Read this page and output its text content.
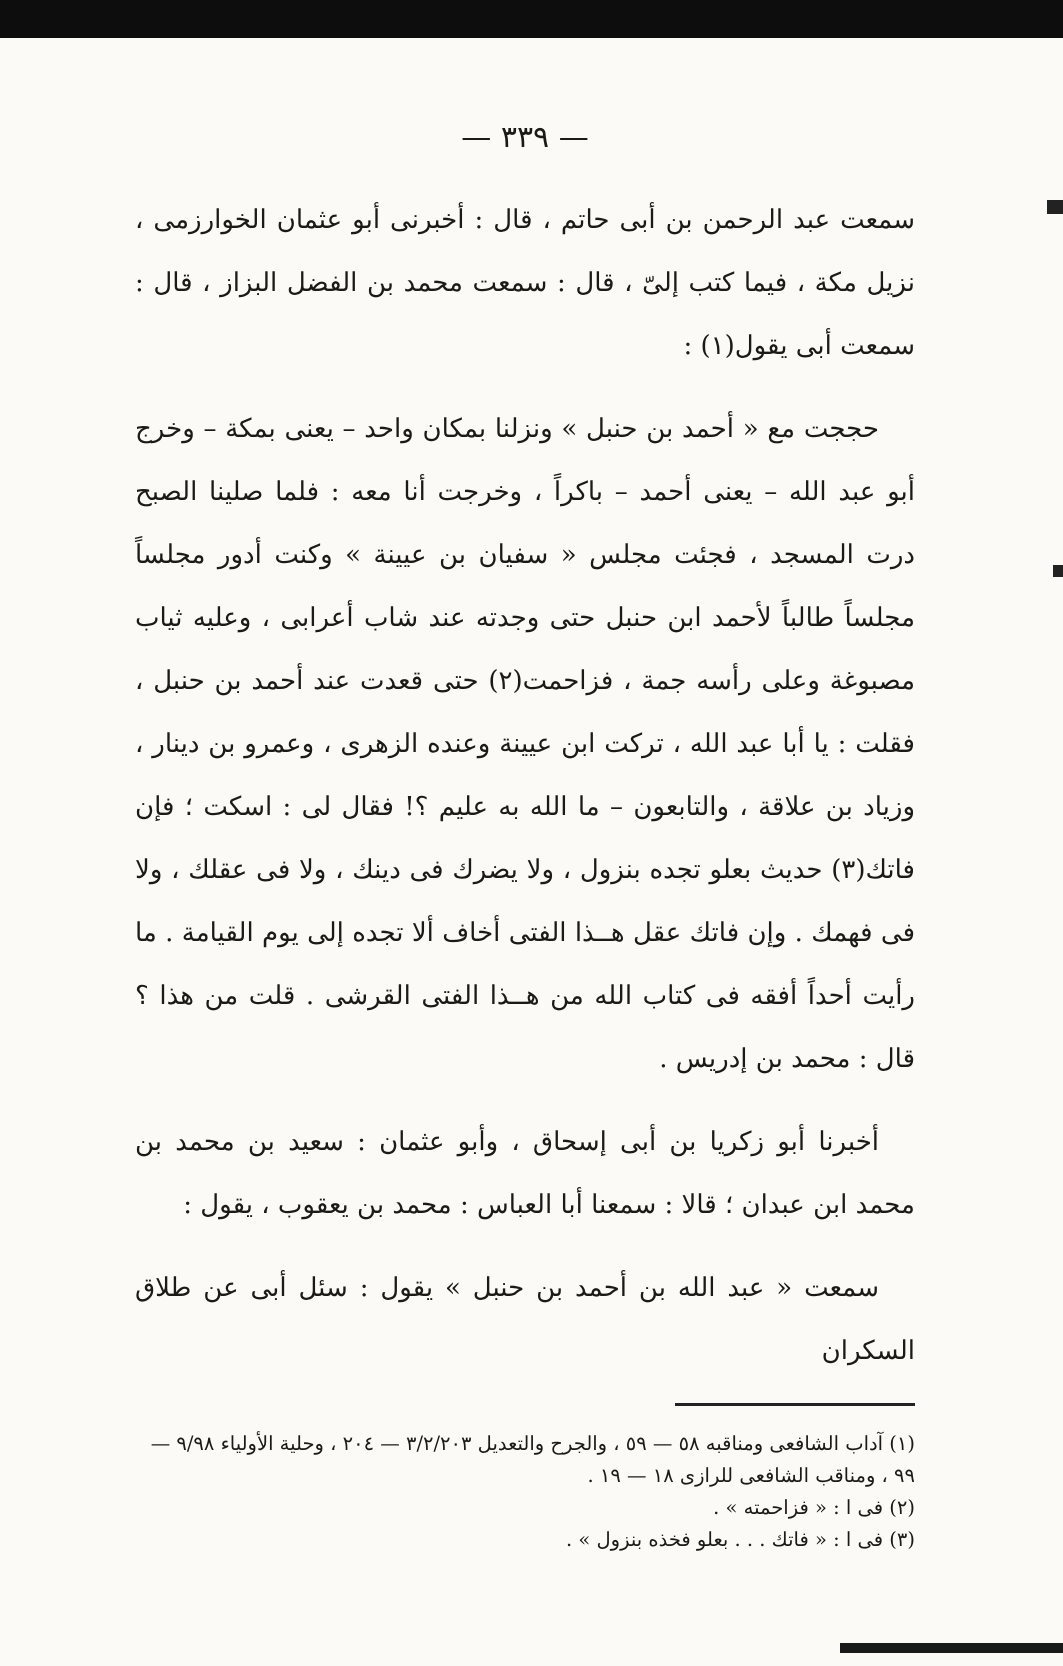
— ٣٣٩ —

سمعت عبد الرحمن بن أبى حاتم ، قال : أخبرنى أبو عثمان الخوارزمى ، نزيل مكة ، فيما كتب إلىّ ، قال : سمعت محمد بن الفضل البزاز ، قال : سمعت أبى يقول(١) :

حججت مع « أحمد بن حنبل » ونزلنا بمكان واحد – يعنى بمكة – وخرج أبو عبد الله – يعنى أحمد – باكراً ، وخرجت أنا معه : فلما صلينا الصبح درت المسجد ، فجئت مجلس « سفيان بن عيينة » وكنت أدور مجلساً مجلساً طالباً لأحمد ابن حنبل حتى وجدته عند شاب أعرابى ، وعليه ثياب مصبوغة وعلى رأسه جمة ، فزاحمت(٢) حتى قعدت عند أحمد بن حنبل ، فقلت : يا أبا عبد الله ، تركت ابن عيينة وعنده الزهرى ، وعمرو بن دينار ، وزياد بن علاقة ، والتابعون – ما الله به عليم ؟! فقال لى : اسكت ؛ فإن فاتك(٣) حديث بعلو تجده بنزول ، ولا يضرك فى دينك ، ولا فى عقلك ، ولا فى فهمك . وإن فاتك عقل هــذا الفتى أخاف ألا تجده إلى يوم القيامة . ما رأيت أحداً أفقه فى كتاب الله من هــذا الفتى القرشى . قلت من هذا ؟ قال : محمد بن إدريس .

أخبرنا أبو زكريا بن أبى إسحاق ، وأبو عثمان : سعيد بن محمد بن محمد ابن عبدان ؛ قالا : سمعنا أبا العباس : محمد بن يعقوب ، يقول :

سمعت « عبد الله بن أحمد بن حنبل » يقول : سئل أبى عن طلاق السكران

(١) آداب الشافعى ومناقبه ٥٨ — ٥٩ ، والجرح والتعديل ٣/٢/٢٠٣ — ٢٠٤ ، وحلية الأولياء ٩/٩٨ — ٩٩ ، ومناقب الشافعى للرازى ١٨ — ١٩ .

(٢) فى ا : « فزاحمته » .

(٣) فى ا : « فاتك . . . بعلو فخذه بنزول » .
